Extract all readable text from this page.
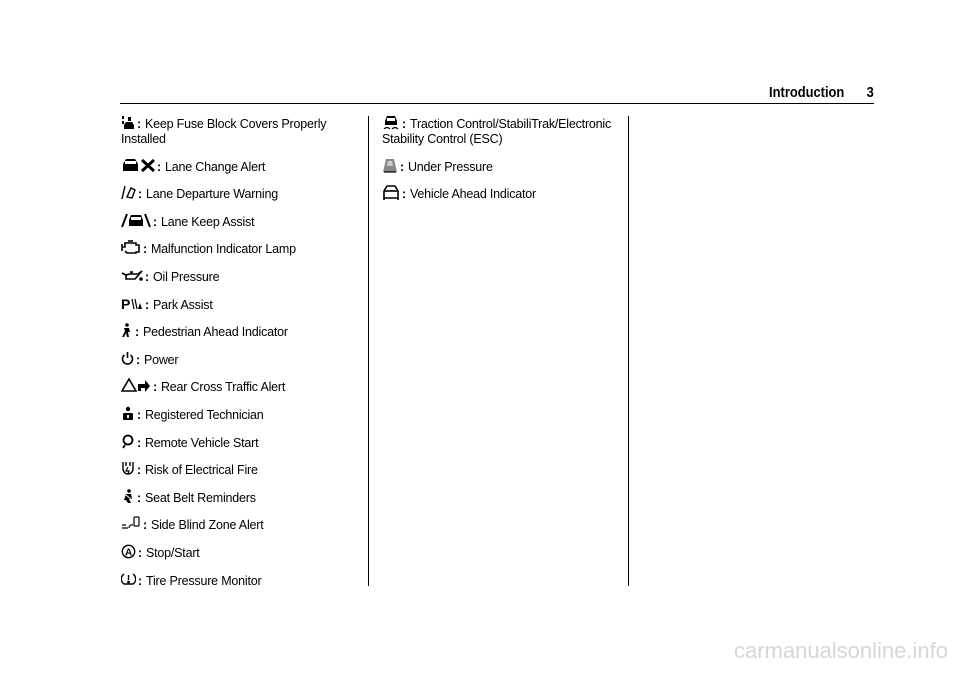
Introduction 3
: Keep Fuse Block Covers Properly Installed
: Lane Change Alert
: Lane Departure Warning
: Lane Keep Assist
: Malfunction Indicator Lamp
: Oil Pressure
P : Park Assist
: Pedestrian Ahead Indicator
: Power
: Rear Cross Traffic Alert
: Registered Technician
: Remote Vehicle Start
: Risk of Electrical Fire
: Seat Belt Reminders
: Side Blind Zone Alert
A : Stop/Start
: Tire Pressure Monitor
: Traction Control/StabiliTrak/Electronic Stability Control (ESC)
: Under Pressure
: Vehicle Ahead Indicator
carmanualsonline.info
